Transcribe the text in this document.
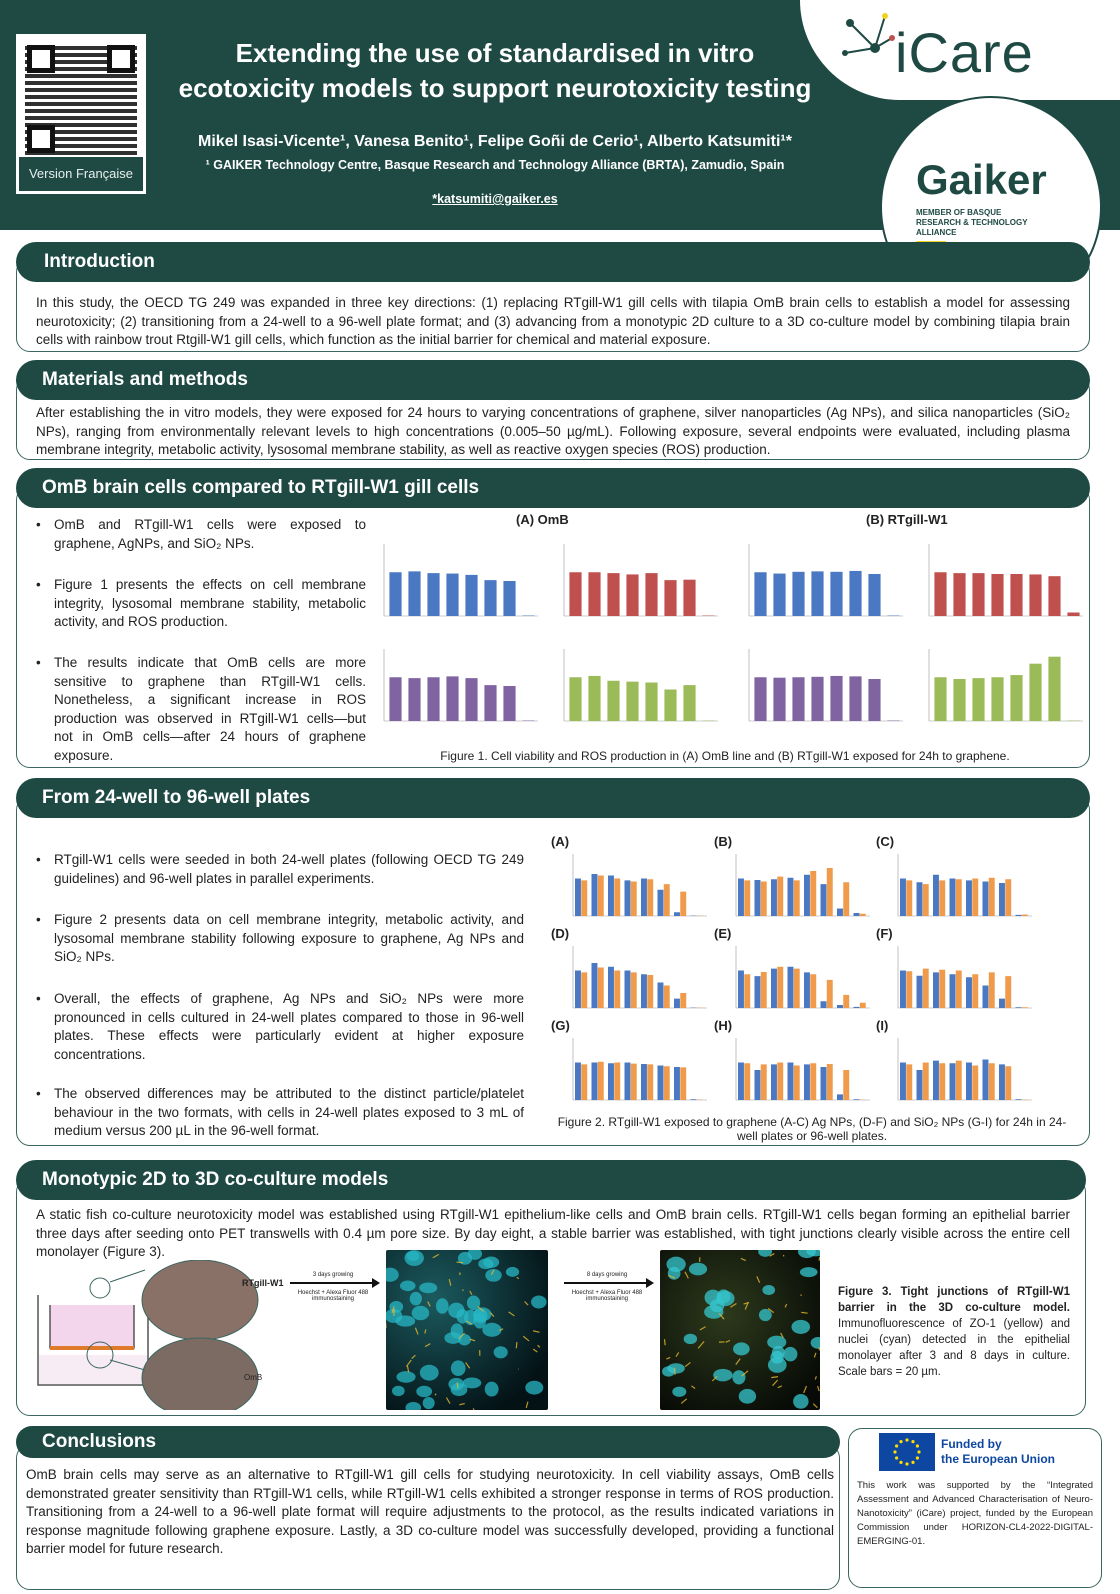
Version Française
Extending the use of standardised in vitro
ecotoxicity models to support neurotoxicity testing
Mikel Isasi-Vicente¹, Vanesa Benito¹, Felipe Goñi de Cerio¹, Alberto Katsumiti¹*
¹ GAIKER Technology Centre, Basque Research and Technology Alliance (BRTA), Zamudio, Spain
*katsumiti@gaiker.es
iCare
Gaiker
MEMBER OF BASQUE RESEARCH & TECHNOLOGY ALLIANCE
Introduction
In this study, the OECD TG 249 was expanded in three key directions: (1) replacing RTgill-W1 gill cells with tilapia OmB brain cells to establish a model for assessing neurotoxicity; (2) transitioning from a 24-well to a 96-well plate format; and (3) advancing from a monotypic 2D culture to a 3D co-culture model by combining tilapia brain cells with rainbow trout Rtgill-W1 gill cells, which function as the initial barrier for chemical and material exposure.
Materials and methods
After establishing the in vitro models, they were exposed for 24 hours to varying concentrations of graphene, silver nanoparticles (Ag NPs), and silica nanoparticles (SiO₂ NPs), ranging from environmentally relevant levels to high concentrations (0.005–50 µg/mL). Following exposure, several endpoints were evaluated, including plasma membrane integrity, metabolic activity, lysosomal membrane stability, as well as reactive oxygen species (ROS) production.
OmB brain cells compared to RTgill-W1 gill cells
• OmB and RTgill-W1 cells were exposed to graphene, AgNPs, and SiO₂ NPs.
• Figure 1 presents the effects on cell membrane integrity, lysosomal membrane stability, metabolic activity, and ROS production.
• The results indicate that OmB cells are more sensitive to graphene than RTgill-W1 cells. Nonetheless, a significant increase in ROS production was observed in RTgill-W1 cells—but not in OmB cells—after 24 hours of graphene exposure.
(A) OmB	(B) RTgill-W1
Figure 1. Cell viability and ROS production in (A) OmB line and (B) RTgill-W1 exposed for 24h to graphene.
From 24-well to 96-well plates
• RTgill-W1 cells were seeded in both 24-well plates (following OECD TG 249 guidelines) and 96-well plates in parallel experiments.
• Figure 2 presents data on cell membrane integrity, metabolic activity, and lysosomal membrane stability following exposure to graphene, Ag NPs and SiO₂ NPs.
• Overall, the effects of graphene, Ag NPs and SiO₂ NPs were more pronounced in cells cultured in 24-well plates compared to those in 96-well plates. These effects were particularly evident at higher exposure concentrations.
• The observed differences may be attributed to the distinct particle/platelet behaviour in the two formats, with cells in 24-well plates exposed to 3 mL of medium versus 200 µL in the 96-well format.
(A)	(B)	(C)
(D)	(E)	(F)
(G)	(H)	(I)
Figure 2. RTgill-W1 exposed to graphene (A-C) Ag NPs, (D-F) and SiO₂ NPs (G-I) for 24h in 24-well plates or 96-well plates.
Monotypic 2D to 3D co-culture models
A static fish co-culture neurotoxicity model was established using RTgill-W1 epithelium-like cells and OmB brain cells. RTgill-W1 cells began forming an epithelial barrier three days after seeding onto PET transwells with 0.4 µm pore size. By day eight, a stable barrier was established, with tight junctions clearly visible across the entire cell monolayer (Figure 3).
RTgill-W1
OmB
3 days growing
Hoechst + Alexa Fluor 488 immunostaining
8 days growing
Hoechst + Alexa Fluor 488 immunostaining
Figure 3. Tight junctions of RTgill-W1 barrier in the 3D co-culture model. Immunofluorescence of ZO-1 (yellow) and nuclei (cyan) detected in the epithelial monolayer after 3 and 8 days in culture. Scale bars = 20 µm.
Conclusions
OmB brain cells may serve as an alternative to RTgill-W1 gill cells for studying neurotoxicity. In cell viability assays, OmB cells demonstrated greater sensitivity than RTgill-W1 cells, while RTgill-W1 cells exhibited a stronger response in terms of ROS production. Transitioning from a 24-well to a 96-well plate format will require adjustments to the protocol, as the results indicated variations in response magnitude following graphene exposure. Lastly, a 3D co-culture model was successfully developed, providing a functional barrier model for future research.
Funded by
the European Union
This work was supported by the “Integrated Assessment and Advanced Characterisation of Neuro-Nanotoxicity” (iCare) project, funded by the European Commission under HORIZON-CL4-2022-DIGITAL-EMERGING-01.
